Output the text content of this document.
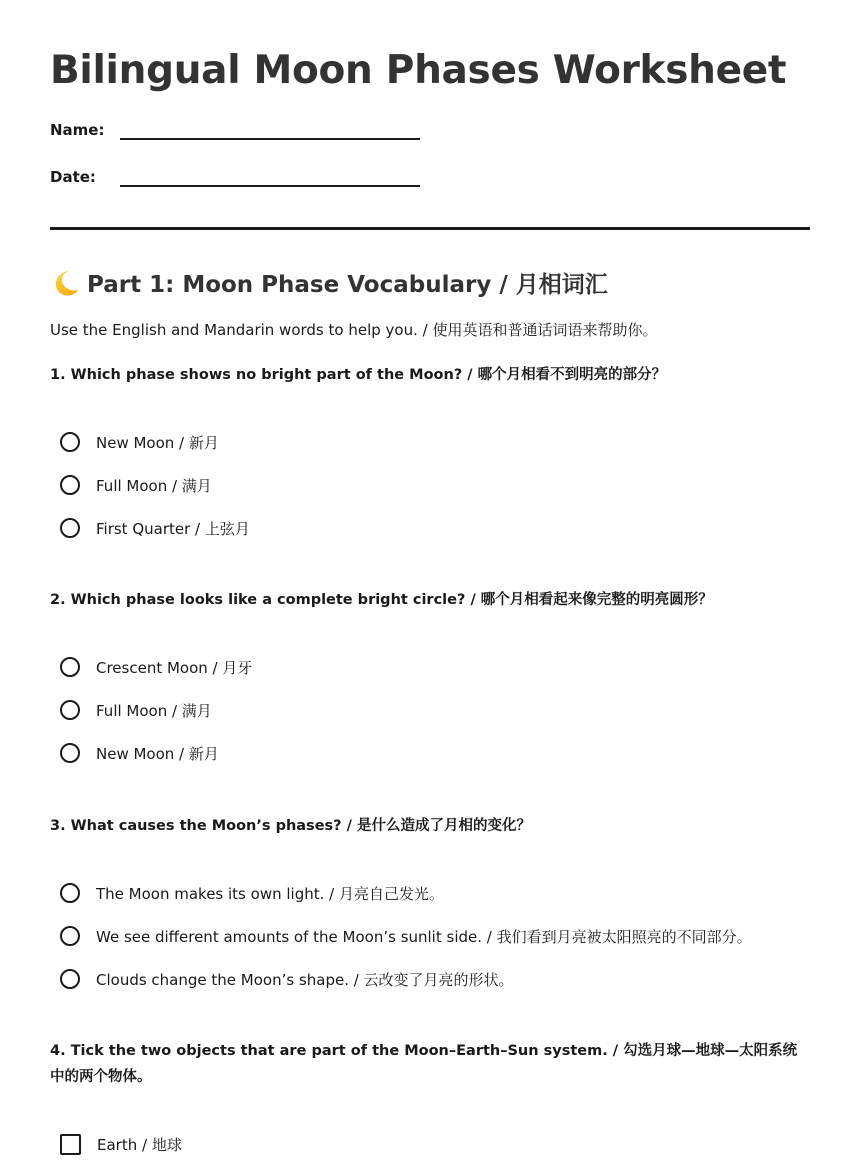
Bilingual Moon Phases Worksheet
Name:
Date:
Part 1: Moon Phase Vocabulary / 月相词汇

Use the English and Mandarin words to help you. / 使用英语和普通话词语来帮助你。

1. Which phase shows no bright part of the Moon? / 哪个月相看不到明亮的部分？

New Moon / 新月
Full Moon / 满月
First Quarter / 上弦月

2. Which phase looks like a complete bright circle? / 哪个月相看起来像完整的明亮圆形？

Crescent Moon / 月牙
Full Moon / 满月
New Moon / 新月

3. What causes the Moon’s phases? / 是什么造成了月相的变化？

The Moon makes its own light. / 月亮自己发光。
We see different amounts of the Moon’s sunlit side. / 我们看到月亮被太阳照亮的不同部分。
Clouds change the Moon’s shape. / 云改变了月亮的形状。

4. Tick the two objects that are part of the Moon–Earth–Sun system. / 勾选月球—地球—太阳系统中的两个物体。

Earth / 地球
